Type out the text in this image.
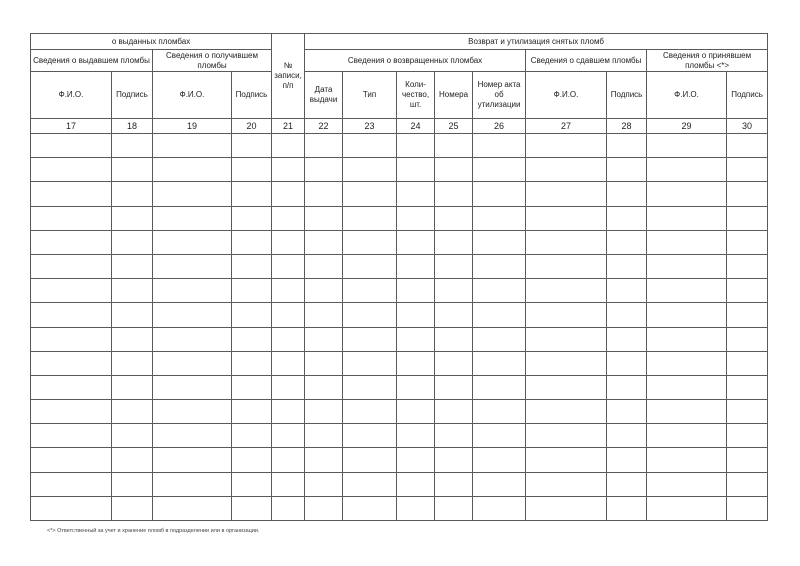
о выданных пломбах				№ записи, п/п	Возврат и утилизация снятых пломб								
Сведения о выдавшем пломбы		Сведения о получившем пломбы			Сведения о возвращенных пломбах					Сведения о сдавшем пломбы		Сведения о принявшем пломбы <*>	
Ф.И.О.	Подпись	Ф.И.О.	Подпись		Дата выдачи	Тип	Коли-чество, шт.	Номера	Номер акта об утилизации	Ф.И.О.	Подпись	Ф.И.О.	Подпись
17	18	19	20	21	22	23	24	25	26	27	28	29	30

<*> Ответственный за учет и хранение пломб в подразделении или в организации.
